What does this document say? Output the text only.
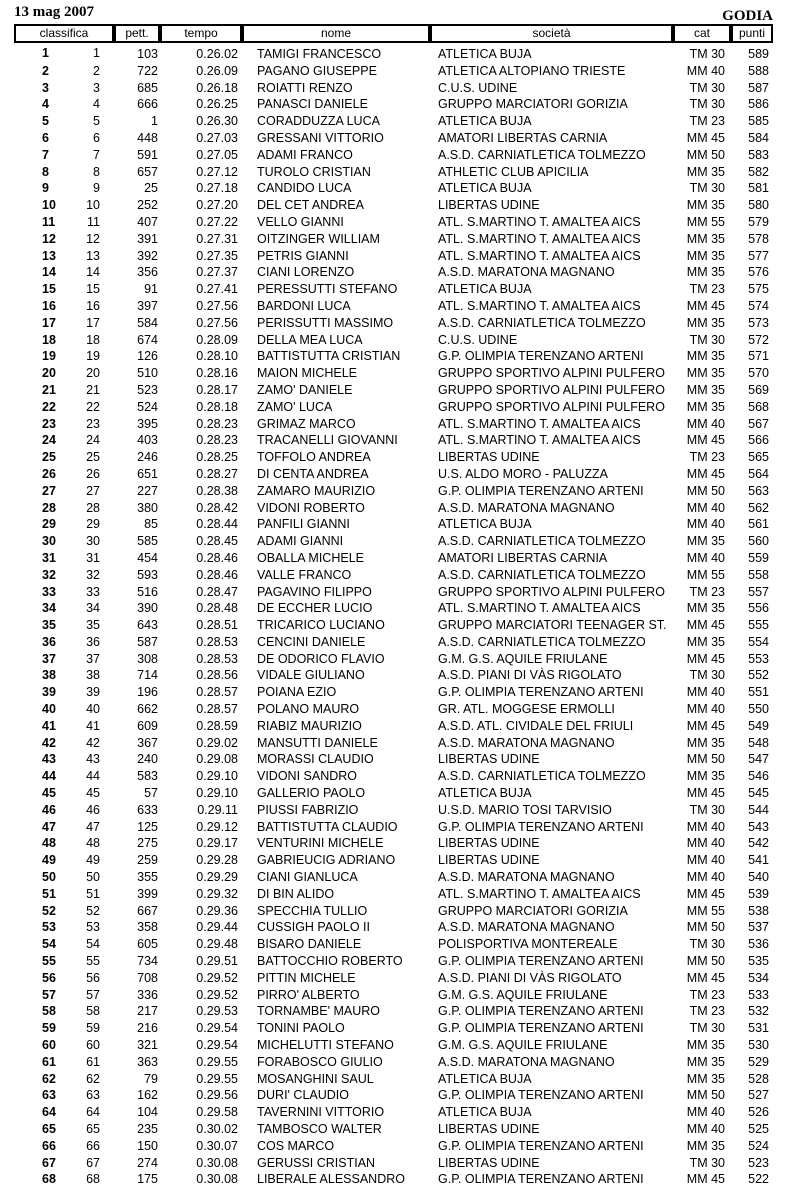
13 mag 2007	GODIA
classifica	pett.	tempo	nome	società	cat	punti

1 1	103	0.26.02	TAMIGI FRANCESCO	ATLETICA BUJA	TM 30	589

2 2	722	0.26.09	PAGANO GIUSEPPE	ATLETICA ALTOPIANO TRIESTE	MM 40	588

3 3	685	0.26.18	ROIATTI RENZO	C.U.S. UDINE	TM 30	587

4 4	666	0.26.25	PANASCI DANIELE	GRUPPO MARCIATORI GORIZIA	TM 30	586

5 5	1	0.26.30	CORADDUZZA LUCA	ATLETICA BUJA	TM 23	585

6 6	448	0.27.03	GRESSANI VITTORIO	AMATORI LIBERTAS CARNIA	MM 45	584

7 7	591	0.27.05	ADAMI FRANCO	A.S.D. CARNIATLETICA TOLMEZZO	MM 50	583

8 8	657	0.27.12	TUROLO CRISTIAN	ATHLETIC CLUB APICILIA	MM 35	582

9 9	25	0.27.18	CANDIDO LUCA	ATLETICA BUJA	TM 30	581

10 10	252	0.27.20	DEL CET ANDREA	LIBERTAS UDINE	MM 35	580

11 11	407	0.27.22	VELLO GIANNI	ATL. S.MARTINO T. AMALTEA AICS	MM 55	579

12 12	391	0.27.31	OITZINGER WILLIAM	ATL. S.MARTINO T. AMALTEA AICS	MM 35	578

13 13	392	0.27.35	PETRIS GIANNI	ATL. S.MARTINO T. AMALTEA AICS	MM 35	577

14 14	356	0.27.37	CIANI LORENZO	A.S.D. MARATONA MAGNANO	MM 35	576

15 15	91	0.27.41	PERESSUTTI STEFANO	ATLETICA BUJA	TM 23	575

16 16	397	0.27.56	BARDONI LUCA	ATL. S.MARTINO T. AMALTEA AICS	MM 45	574

17 17	584	0.27.56	PERISSUTTI MASSIMO	A.S.D. CARNIATLETICA TOLMEZZO	MM 35	573

18 18	674	0.28.09	DELLA MEA LUCA	C.U.S. UDINE	TM 30	572

19 19	126	0.28.10	BATTISTUTTA CRISTIAN	G.P. OLIMPIA TERENZANO ARTENI	MM 35	571

20 20	510	0.28.16	MAION MICHELE	GRUPPO SPORTIVO ALPINI PULFERO	MM 35	570

21 21	523	0.28.17	ZAMO' DANIELE	GRUPPO SPORTIVO ALPINI PULFERO	MM 35	569

22 22	524	0.28.18	ZAMO' LUCA	GRUPPO SPORTIVO ALPINI PULFERO	MM 35	568

23 23	395	0.28.23	GRIMAZ MARCO	ATL. S.MARTINO T. AMALTEA AICS	MM 40	567

24 24	403	0.28.23	TRACANELLI GIOVANNI	ATL. S.MARTINO T. AMALTEA AICS	MM 45	566

25 25	246	0.28.25	TOFFOLO ANDREA	LIBERTAS UDINE	TM 23	565

26 26	651	0.28.27	DI CENTA ANDREA	U.S. ALDO MORO - PALUZZA	MM 45	564

27 27	227	0.28.38	ZAMARO MAURIZIO	G.P. OLIMPIA TERENZANO ARTENI	MM 50	563

28 28	380	0.28.42	VIDONI ROBERTO	A.S.D. MARATONA MAGNANO	MM 40	562

29 29	85	0.28.44	PANFILI GIANNI	ATLETICA BUJA	MM 40	561

30 30	585	0.28.45	ADAMI GIANNI	A.S.D. CARNIATLETICA TOLMEZZO	MM 35	560

31 31	454	0.28.46	OBALLA MICHELE	AMATORI LIBERTAS CARNIA	MM 40	559

32 32	593	0.28.46	VALLE FRANCO	A.S.D. CARNIATLETICA TOLMEZZO	MM 55	558

33 33	516	0.28.47	PAGAVINO FILIPPO	GRUPPO SPORTIVO ALPINI PULFERO	TM 23	557

34 34	390	0.28.48	DE ECCHER LUCIO	ATL. S.MARTINO T. AMALTEA AICS	MM 35	556

35 35	643	0.28.51	TRICARICO LUCIANO	GRUPPO MARCIATORI TEENAGER ST.	MM 45	555

36 36	587	0.28.53	CENCINI DANIELE	A.S.D. CARNIATLETICA TOLMEZZO	MM 35	554

37 37	308	0.28.53	DE ODORICO FLAVIO	G.M. G.S. AQUILE FRIULANE	MM 45	553

38 38	714	0.28.56	VIDALE GIULIANO	A.S.D. PIANI DI VÀS RIGOLATO	TM 30	552

39 39	196	0.28.57	POIANA EZIO	G.P. OLIMPIA TERENZANO ARTENI	MM 40	551

40 40	662	0.28.57	POLANO MAURO	GR. ATL. MOGGESE ERMOLLI	MM 40	550

41 41	609	0.28.59	RIABIZ MAURIZIO	A.S.D. ATL. CIVIDALE DEL FRIULI	MM 45	549

42 42	367	0.29.02	MANSUTTI DANIELE	A.S.D. MARATONA MAGNANO	MM 35	548

43 43	240	0.29.08	MORASSI CLAUDIO	LIBERTAS UDINE	MM 50	547

44 44	583	0.29.10	VIDONI SANDRO	A.S.D. CARNIATLETICA TOLMEZZO	MM 35	546

45 45	57	0.29.10	GALLERIO PAOLO	ATLETICA BUJA	MM 45	545

46 46	633	0.29.11	PIUSSI FABRIZIO	U.S.D. MARIO TOSI TARVISIO	TM 30	544

47 47	125	0.29.12	BATTISTUTTA CLAUDIO	G.P. OLIMPIA TERENZANO ARTENI	MM 40	543

48 48	275	0.29.17	VENTURINI MICHELE	LIBERTAS UDINE	MM 40	542

49 49	259	0.29.28	GABRIEUCIG ADRIANO	LIBERTAS UDINE	MM 40	541

50 50	355	0.29.29	CIANI GIANLUCA	A.S.D. MARATONA MAGNANO	MM 40	540

51 51	399	0.29.32	DI BIN ALIDO	ATL. S.MARTINO T. AMALTEA AICS	MM 45	539

52 52	667	0.29.36	SPECCHIA TULLIO	GRUPPO MARCIATORI GORIZIA	MM 55	538

53 53	358	0.29.44	CUSSIGH PAOLO II	A.S.D. MARATONA MAGNANO	MM 50	537

54 54	605	0.29.48	BISARO DANIELE	POLISPORTIVA MONTEREALE	TM 30	536

55 55	734	0.29.51	BATTOCCHIO ROBERTO	G.P. OLIMPIA TERENZANO ARTENI	MM 50	535

56 56	708	0.29.52	PITTIN MICHELE	A.S.D. PIANI DI VÀS RIGOLATO	MM 45	534

57 57	336	0.29.52	PIRRO' ALBERTO	G.M. G.S. AQUILE FRIULANE	TM 23	533

58 58	217	0.29.53	TORNAMBE' MAURO	G.P. OLIMPIA TERENZANO ARTENI	TM 23	532

59 59	216	0.29.54	TONINI PAOLO	G.P. OLIMPIA TERENZANO ARTENI	TM 30	531

60 60	321	0.29.54	MICHELUTTI STEFANO	G.M. G.S. AQUILE FRIULANE	MM 35	530

61 61	363	0.29.55	FORABOSCO GIULIO	A.S.D. MARATONA MAGNANO	MM 35	529

62 62	79	0.29.55	MOSANGHINI SAUL	ATLETICA BUJA	MM 35	528

63 63	162	0.29.56	DURI' CLAUDIO	G.P. OLIMPIA TERENZANO ARTENI	MM 50	527

64 64	104	0.29.58	TAVERNINI VITTORIO	ATLETICA BUJA	MM 40	526

65 65	235	0.30.02	TAMBOSCO WALTER	LIBERTAS UDINE	MM 40	525

66 66	150	0.30.07	COS MARCO	G.P. OLIMPIA TERENZANO ARTENI	MM 35	524

67 67	274	0.30.08	GERUSSI CRISTIAN	LIBERTAS UDINE	TM 30	523

68 68	175	0.30.08	LIBERALE ALESSANDRO	G.P. OLIMPIA TERENZANO ARTENI	MM 45	522
